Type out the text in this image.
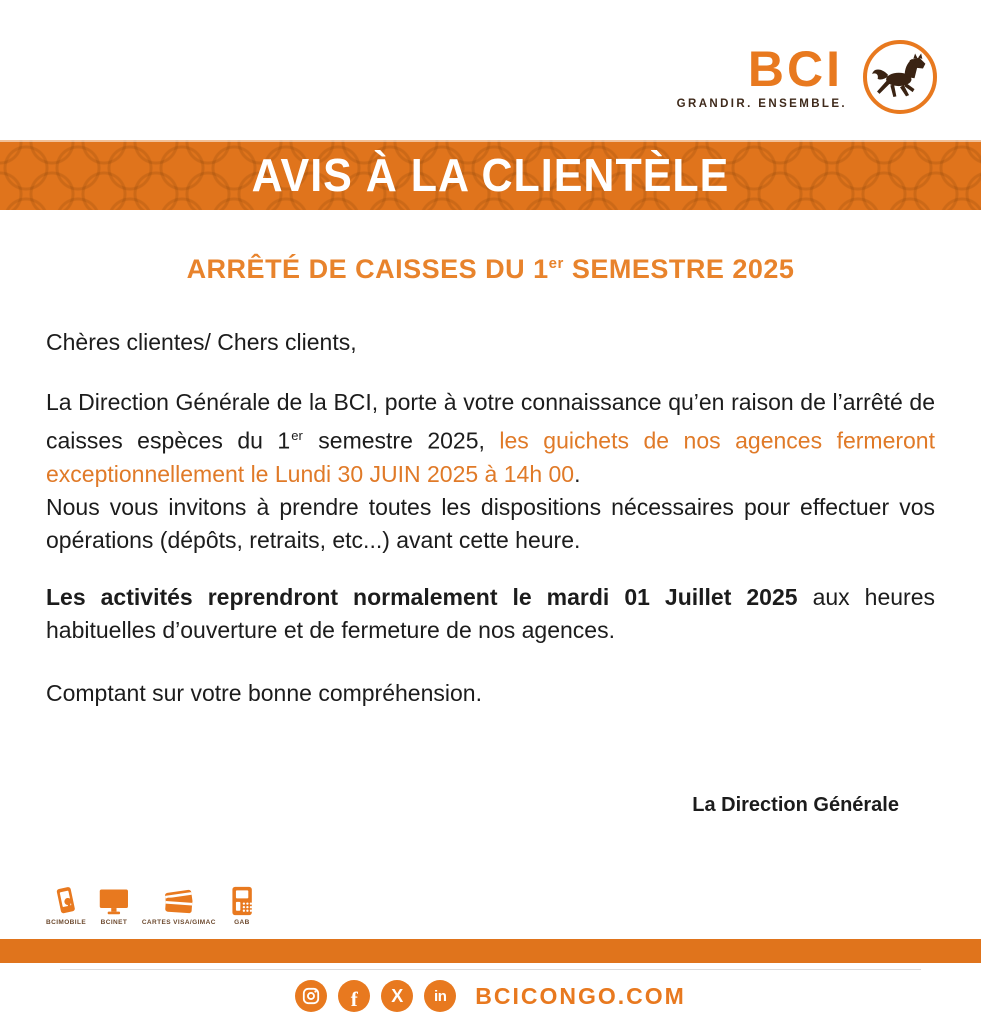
BCI
GRANDIR. ENSEMBLE.
AVIS À LA CLIENTÈLE
ARRÊTÉ DE CAISSES DU 1er SEMESTRE 2025

Chères clientes/ Chers clients,

La Direction Générale de la BCI, porte à votre connaissance qu’en raison de l’arrêté de caisses espèces du 1er semestre 2025, les guichets de nos agences fermeront exceptionnellement le Lundi 30 JUIN 2025 à 14h 00.

Nous vous invitons à prendre toutes les dispositions nécessaires pour effectuer vos opérations (dépôts, retraits, etc...) avant cette heure.

Les activités reprendront normalement le mardi 01 Juillet 2025 aux heures habituelles d’ouverture et de fermeture de nos agences.

Comptant sur votre bonne compréhension.

La Direction Générale

BCIMOBILE BCINET CARTES VISA/GIMAC	GAB
f	X	in	BCICONGO.COM
